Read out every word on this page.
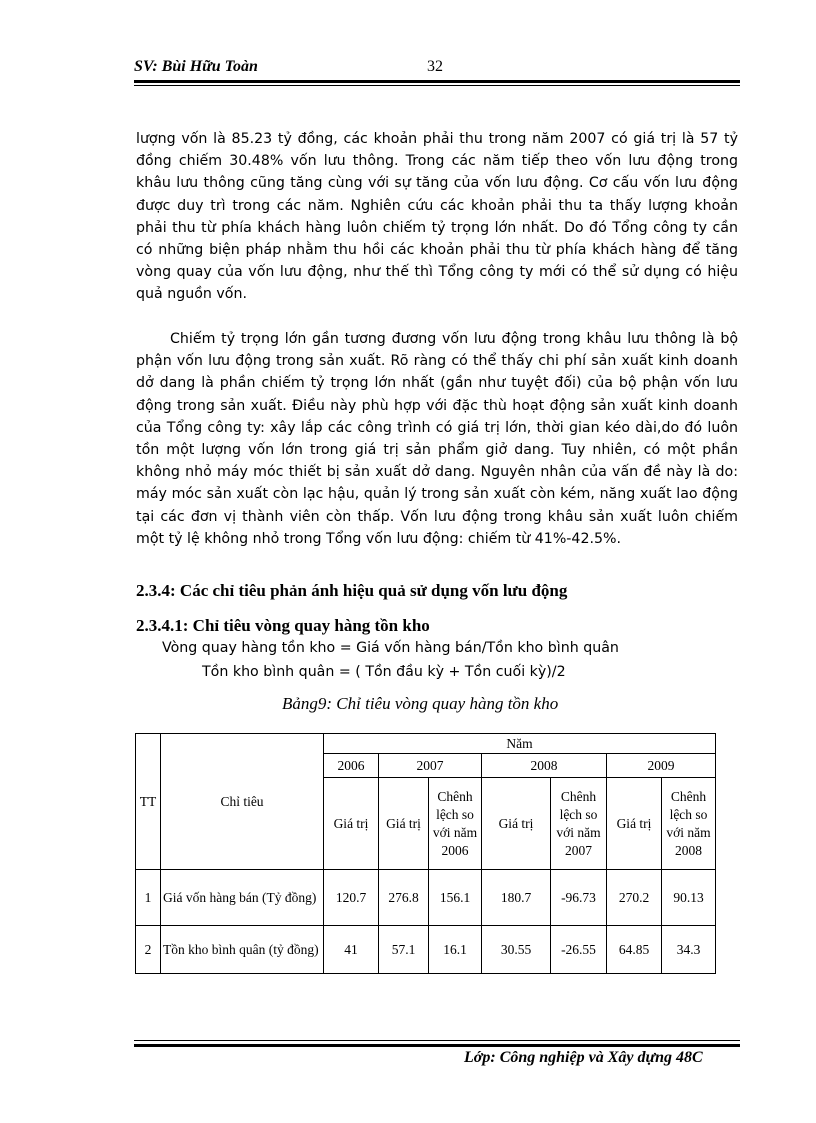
SV: Bùi Hữu Toàn	32
lượng vốn là 85.23 tỷ đồng, các khoản phải thu trong năm 2007 có giá trị là 57 tỷ đồng chiếm 30.48% vốn lưu thông. Trong các năm tiếp theo vốn lưu động trong khâu lưu thông cũng tăng cùng với sự tăng của vốn lưu động. Cơ cấu vốn lưu động được duy trì trong các năm. Nghiên cứu các khoản phải thu ta thấy lượng khoản phải thu từ phía khách hàng luôn chiếm tỷ trọng lớn nhất. Do đó Tổng công ty cần có những biện pháp nhằm thu hồi các khoản phải thu từ phía khách hàng để tăng vòng quay của vốn lưu động, như thế thì Tổng công ty mới có thể sử dụng có hiệu quả nguồn vốn.
Chiếm tỷ trọng lớn gần tương đương vốn lưu động trong khâu lưu thông là bộ phận vốn lưu động trong sản xuất. Rõ ràng có thể thấy chi phí sản xuất kinh doanh dở dang là phần chiếm tỷ trọng lớn nhất (gần như tuyệt đối) của bộ phận vốn lưu động trong sản xuất. Điều này phù hợp với đặc thù hoạt động sản xuất kinh doanh của Tổng công ty: xây lắp các công trình có giá trị lớn, thời gian kéo dài,do đó luôn tồn một lượng vốn lớn trong giá trị sản phẩm giở dang. Tuy nhiên, có một phần không nhỏ máy móc thiết bị sản xuất dở dang. Nguyên nhân của vấn đề này là do: máy móc sản xuất còn lạc hậu, quản lý trong sản xuất còn kém, năng xuất lao động tại các đơn vị thành viên còn thấp. Vốn lưu động trong khâu sản xuất luôn chiếm một tỷ lệ không nhỏ trong Tổng vốn lưu động: chiếm từ 41%-42.5%.
2.3.4: Các chỉ tiêu phản ánh hiệu quả sử dụng vốn lưu động
2.3.4.1: Chỉ tiêu vòng quay hàng tồn kho
Vòng quay hàng tồn kho = Giá vốn hàng bán/Tồn kho bình quân
Tồn kho bình quân = ( Tồn đầu kỳ + Tồn cuối kỳ)/2
Bảng9: Chỉ tiêu vòng quay hàng tồn kho
TT	Chỉ tiêu	Năm						
		2006	2007		2008		2009	
		Giá trị	Giá trị	Chênh lệch so với năm 2006	Giá trị	Chênh lệch so với năm 2007	Giá trị	Chênh lệch so với năm 2008
1	Giá vốn hàng bán (Tỷ đồng)	120.7	276.8	156.1	180.7	-96.73	270.2	90.13
2	Tồn kho bình quân (tỷ đồng)	41	57.1	16.1	30.55	-26.55	64.85	34.3
Lớp: Công nghiệp và Xây dựng 48C
